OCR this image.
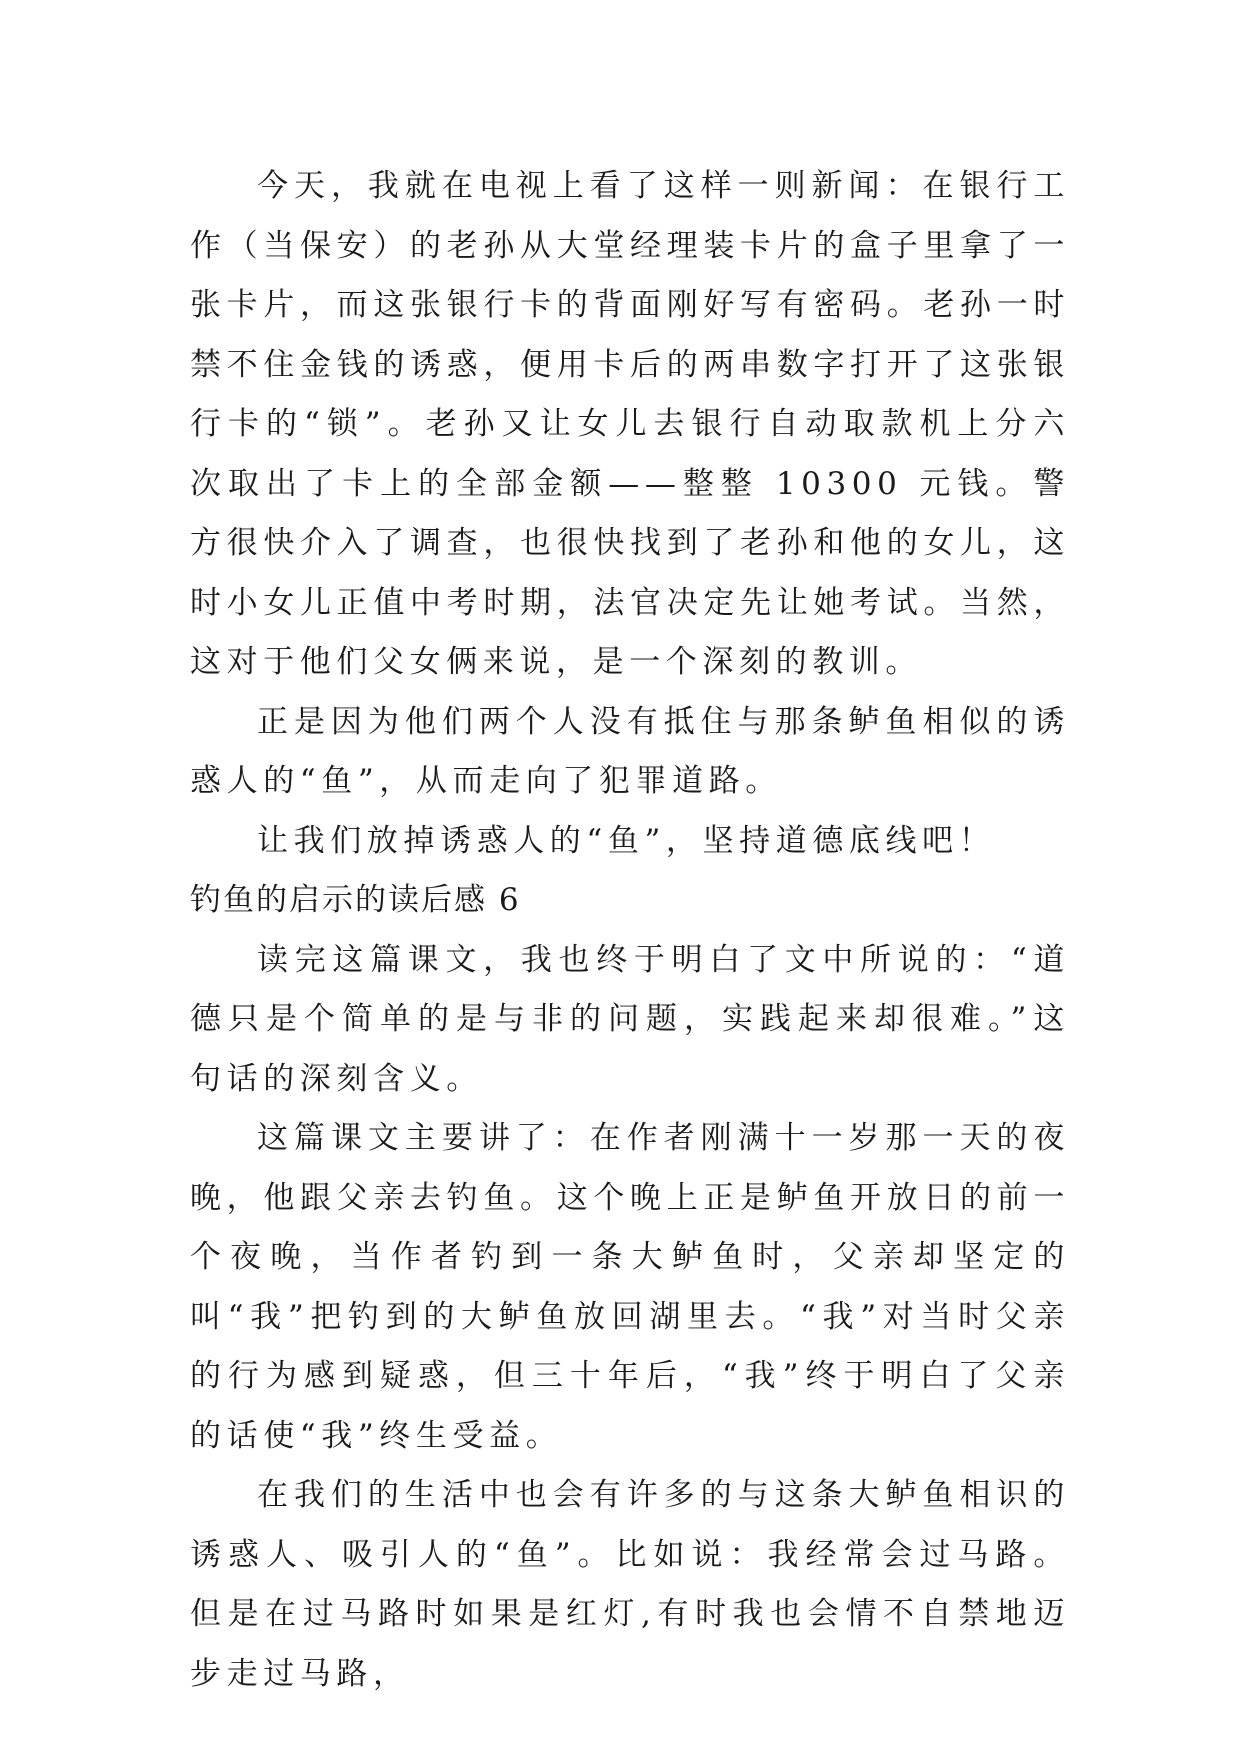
今天，我就在电视上看了这样一则新闻：在银行工作（当保安）的老孙从大堂经理装卡片的盒子里拿了一张卡片，而这张银行卡的背面刚好写有密码。老孙一时禁不住金钱的诱惑，便用卡后的两串数字打开了这张银行卡的“锁”。老孙又让女儿去银行自动取款机上分六次取出了卡上的全部金额——整整 10300 元钱。警方很快介入了调查，也很快找到了老孙和他的女儿，这时小女儿正值中考时期，法官决定先让她考试。当然，这对于他们父女俩来说，是一个深刻的教训。

正是因为他们两个人没有抵住与那条鲈鱼相似的诱惑人的“鱼”，从而走向了犯罪道路。

让我们放掉诱惑人的“鱼”，坚持道德底线吧！

钓鱼的启示的读后感 6

读完这篇课文，我也终于明白了文中所说的：“道德只是个简单的是与非的问题，实践起来却很难。”这句话的深刻含义。

这篇课文主要讲了：在作者刚满十一岁那一天的夜晚，他跟父亲去钓鱼。这个晚上正是鲈鱼开放日的前一个夜晚，当作者钓到一条大鲈鱼时，父亲却坚定的叫“我”把钓到的大鲈鱼放回湖里去。“我”对当时父亲的行为感到疑惑，但三十年后，“我”终于明白了父亲的话使“我”终生受益。

在我们的生活中也会有许多的与这条大鲈鱼相识的诱惑人、吸引人的“鱼”。比如说：我经常会过马路。但是在过马路时如果是红灯,有时我也会情不自禁地迈步走过马路，
